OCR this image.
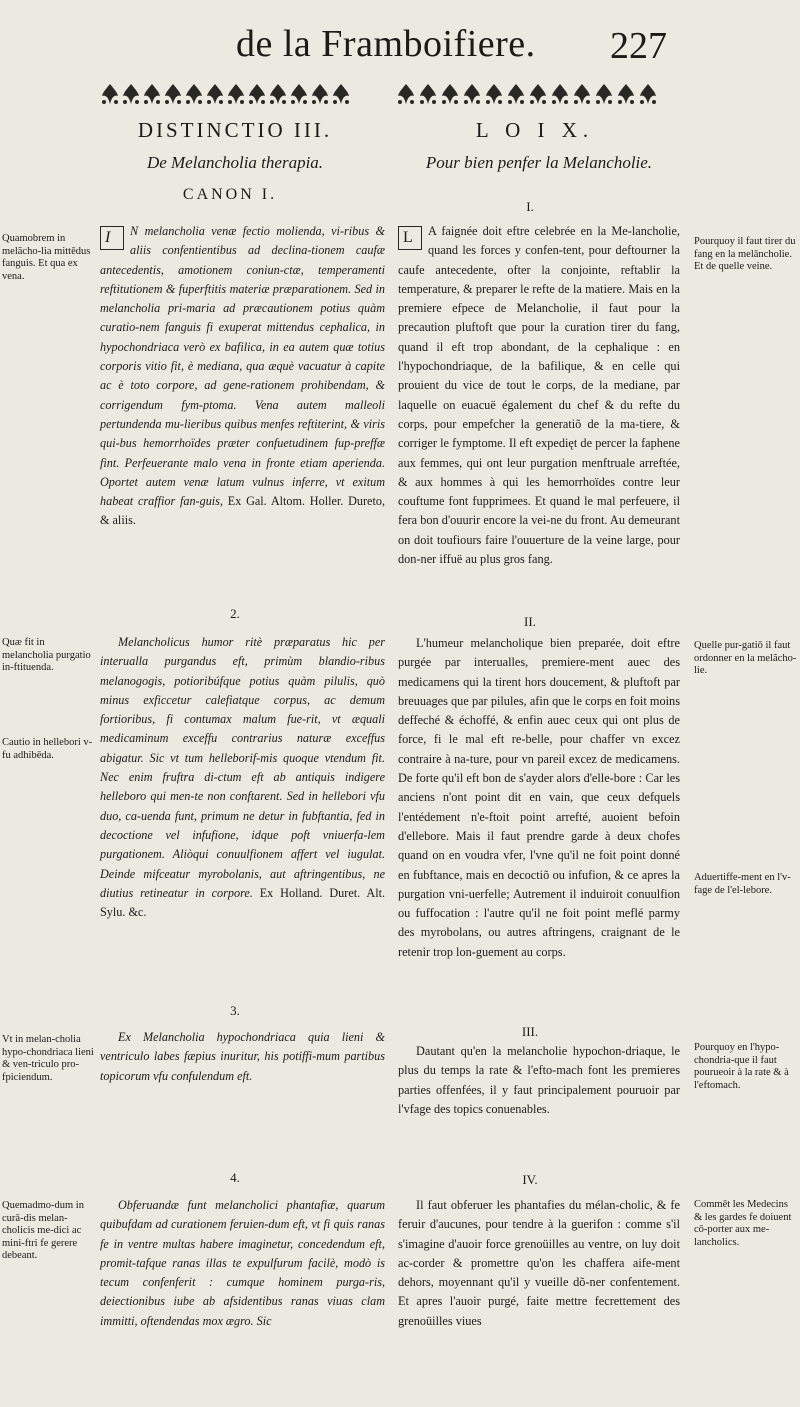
de la Framboifiere. 227
DISTINCTIO III.	L O I X.
De Melancholia therapia.	Pour bien penfer la Melancholie.
CANON I.
I.

I N melancholia venæ fectio molienda, vi-ribus & aliis confentientibus ad declina-tionem caufæ antecedentis, amotionem coniun-ctæ, temperamenti reftitutionem & fuperftitis materiæ præparationem. Sed in melancholia pri-maria ad præcautionem potius quàm curatio-nem fanguis fi exuperat mittendus cephalica, in hypochondriaca verò ex bafilica, in ea autem quæ totius corporis vitio fit, è mediana, qua æquè vacuatur à capite ac è toto corpore, ad gene-rationem prohibendam, & corrigendum fym-ptoma. Vena autem malleoli pertundenda mu-lieribus quibus menfes reftiterint, & viris qui-bus hemorrhoïdes præter confuetudinem fup-preffæ fint. Perfeuerante malo vena in fronte etiam aperienda. Oportet autem venæ latum vulnus inferre, vt exitum habeat craffior fan-guis, Ex Gal. Altom. Holler. Dureto, & aliis.

2.

Melancholicus humor ritè præparatus hic per interualla purgandus eft, primùm blandio-ribus melanogogis, potioribúfque potius quàm pilulis, quò minus exficcetur calefiatque corpus, ac demum fortioribus, fi contumax malum fue-rit, vt æquali medicaminum exceffu contrarius naturæ exceffus abigatur. Sic vt tum helleborif-mis quoque vtendum fit. Nec enim fruftra di-ctum eft ab antiquis indigere helleboro qui men-te non conftarent. Sed in hellebori vfu duo, ca-uenda funt, primum ne detur in fubftantia, fed in decoctione vel infufione, idque poft vniuerfa-lem purgationem. Aliòqui conuulfionem affert vel iugulat. Deinde mifceatur myrobolanis, aut aftringentibus, ne diutius retineatur in corpore. Ex Holland. Duret. Alt. Sylu. &c.

3.

Ex Melancholia hypochondriaca quia lieni & ventriculo labes fæpius inuritur, his potiffi-mum partibus topicorum vfu confulendum eft.

4.

Obferuandæ funt melancholici phantafiæ, quarum quibufdam ad curationem feruien-dum eft, vt fi quis ranas fe in ventre multas habere imaginetur, concedendum eft, promit-tafque ranas illas te expulfurum facilè, modò is tecum confenferit : cumque hominem purga-ris, deiectionibus iube ab afsidentibus ranas viuas clam immitti, oftendendas mox ægro. Sic

Quamobrem in melãcho-lia mittēdus fanguis. Et qua ex vena.
Quæ fit in melancholia purgatio in-ftituenda.
Cautio in hellebori v-fu adhibēda.
Vt in melan-cholia hypo-chondriaca lieni & ven-triculo pro-fpiciendum.
Quemadmo-dum in curā-dis melan-cholicis me-dici ac mini-ftri fe gerere debeant.

L A faignée doit eftre celebrée en la Me-lancholie, quand les forces y confen-tent, pour deftourner la caufe antecedente, ofter la conjointe, reftablir la temperature, & preparer le refte de la matiere. Mais en la premiere efpece de Melancholie, il faut pour la precaution pluftoft que pour la curation tirer du fang, quand il eft trop abondant, de la cephalique : en l'hypochondriaque, de la bafilique, & en celle qui prouient du vice de tout le corps, de la mediane, par laquelle on euacuë également du chef & du refte du corps, pour empefcher la generatiõ de la ma-tiere, & corriger le fymptome. Il eft expedięt de percer la faphene aux femmes, qui ont leur purgation menftruale arreftée, & aux hommes à qui les hemorrhoïdes contre leur couftume font fupprimees. Et quand le mal perfeuere, il fera bon d'ouurir encore la vei-ne du front. Au demeurant on doit toufiours faire l'ouuerture de la veine large, pour don-ner iffuë au plus gros fang.

II.

L'humeur melancholique bien preparée, doit eftre purgée par interualles, premiere-ment auec des medicamens qui la tirent hors doucement, & pluftoft par breuuages que par pilules, afin que le corps en foit moins deffeché & échoffé, & enfin auec ceux qui ont plus de force, fi le mal eft re-belle, pour chaffer vn excez contraire à na-ture, pour vn pareil excez de medicamens. De forte qu'il eft bon de s'ayder alors d'elle-bore : Car les anciens n'ont point dit en vain, que ceux defquels l'entédement n'e-ftoit point arrefté, auoient befoin d'ellebore. Mais il faut prendre garde à deux chofes quand on en voudra vfer, l'vne qu'il ne foit point donné en fubftance, mais en decoctiõ ou infufion, & ce apres la purgation vni-uerfelle; Autrement il induiroit conuulfion ou fuffocation : l'autre qu'il ne foit point meflé parmy des myrobolans, ou autres aftringens, craignant de le retenir trop lon-guement au corps.

III.

Dautant qu'en la melancholie hypochon-driaque, le plus du temps la rate & l'efto-mach font les premieres parties offenfées, il y faut principalement pouruoir par l'vfage des topics conuenables.

IV.

Il faut obferuer les phantafies du mélan-cholic, & fe feruir d'aucunes, pour tendre à la guerifon : comme s'il s'imagine d'auoir force grenoüilles au ventre, on luy doit ac-corder & promettre qu'on les chaffera aife-ment dehors, moyennant qu'il y vueille dõ-ner confentement. Et apres l'auoir purgé, faite mettre fecrettement des grenoüilles viues

Pourquoy il faut tirer du fang en la melāncholie. Et de quelle veine.
Quelle pur-gatiō il faut ordonner en la melãcho-lie.
Aduertiffe-ment en l'v-fage de l'el-lebore.
Pourquoy en l'hypo-chondria-que il faut pourueoir à la rate & à l'eftomach.
Commēt les Medecins & les gardes fe doiuent cō-porter aux me-lancholics.
